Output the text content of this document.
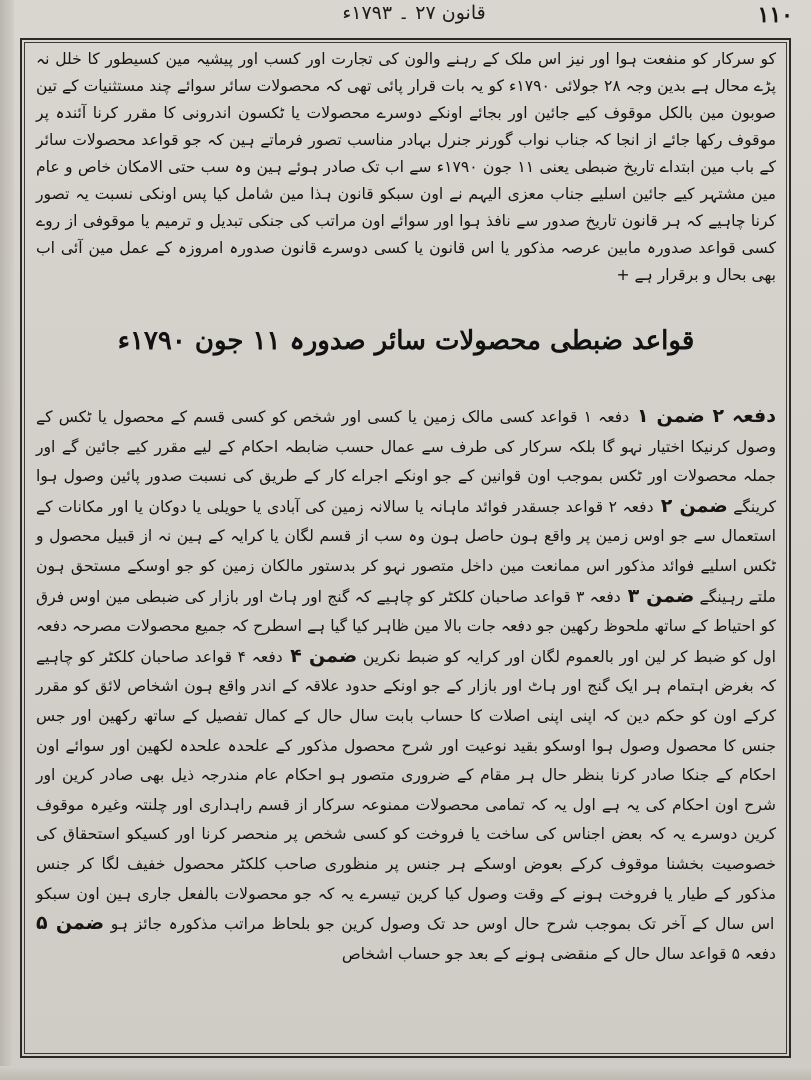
قانون ۲۷ ۔ ۱۷۹۳ء	۱۱۰
کو سرکار کو منفعت ہوا اور نیز اس ملک کے رہنے والون کی تجارت اور کسب اور پیشیہ مین کسیطور کا خلل نہ پڑے محال ہے بدین وجہ ۲۸ جولائی ۱۷۹۰ء کو یہ بات قرار پائی تھی کہ محصولات سائر سوائے چند مستثنیات کے تین صوبون مین بالکل موقوف کیے جائین اور بجائے اونکے دوسرے محصولات یا ٹکسون اندرونی کا مقرر کرنا آئندہ پر موقوف رکھا جائے از انجا کہ جناب نواب گورنر جنرل بہادر مناسب تصور فرماتے ہین کہ جو قواعد محصولات سائر کے باب مین ابتداے تاریخ ضبطی یعنی ۱۱ جون ۱۷۹۰ء سے اب تک صادر ہوئے ہین وہ سب حتی الامکان خاص و عام مین مشتہر کیے جائین اسلیے جناب معزی الیہم نے اون سبکو قانون ہذا مین شامل کیا پس اونکی نسبت یہ تصور کرنا چاہیے کہ ہر قانون تاریخ صدور سے نافذ ہوا اور سوائے اون مراتب کی جنکی تبدیل و ترمیم یا موقوفی از روے کسی قواعد صدورہ مابین عرصہ مذکور یا اس قانون یا کسی دوسرے قانون صدورہ امروزہ کے عمل مین آئی اب بھی بحال و برقرار ہے +
قواعد ضبطی محصولات سائر صدورہ ۱۱ جون ۱۷۹۰ء
دفعہ ۲ ضمن ۱ دفعہ ۱ قواعد کسی مالک زمین یا کسی اور شخص کو کسی قسم کے محصول یا ٹکس کے وصول کرنیکا اختیار نہو گا بلکہ سرکار کی طرف سے عمال حسب ضابطہ احکام کے لیے مقرر کیے جائین گے اور جملہ محصولات اور ٹکس بموجب اون قوانین کے جو اونکے اجراے کار کے طریق کی نسبت صدور پائین وصول ہوا کرینگے ضمن ۲ دفعہ ۲ قواعد جسقدر فوائد ماہانہ یا سالانہ زمین کی آبادی یا حویلی یا دوکان یا اور مکانات کے استعمال سے جو اوس زمین پر واقع ہون حاصل ہون وہ سب از قسم لگان یا کرایہ کے ہین نہ از قبیل محصول و ٹکس اسلیے فوائد مذکور اس ممانعت مین داخل متصور نہو کر بدستور مالکان زمین کو جو اوسکے مستحق ہون ملتے رہینگے ضمن ۳ دفعہ ۳ قواعد صاحبان کلکٹر کو چاہیے کہ گنج اور ہاٹ اور بازار کی ضبطی مین اوس فرق کو احتیاط کے ساتھ ملحوظ رکھین جو دفعہ جات بالا مین ظاہر کیا گیا ہے اسطرح کہ جمیع محصولات مصرحہ دفعہ اول کو ضبط کر لین اور بالعموم لگان اور کرایہ کو ضبط نکرین ضمن ۴ دفعہ ۴ قواعد صاحبان کلکٹر کو چاہیے کہ بغرض اہتمام ہر ایک گنج اور ہاٹ اور بازار کے جو اونکے حدود علاقہ کے اندر واقع ہون اشخاص لائق کو مقرر کرکے اون کو حکم دین کہ اپنی اپنی اصلات کا حساب بابت سال حال کے کمال تفصیل کے ساتھ رکھین اور جس جنس کا محصول وصول ہوا اوسکو بقید نوعیت اور شرح محصول مذکور کے علحدہ علحدہ لکھین اور سوائے اون احکام کے جنکا صادر کرنا بنظر حال ہر مقام کے ضروری متصور ہو احکام عام مندرجہ ذیل بھی صادر کرین اور شرح اون احکام کی یہ ہے اول یہ کہ تمامی محصولات ممنوعہ سرکار از قسم راہداری اور چلنتہ وغیرہ موقوف کرین دوسرے یہ کہ بعض اجناس کی ساخت یا فروخت کو کسی شخص پر منحصر کرنا اور کسیکو استحقاق کی خصوصیت بخشنا موقوف کرکے بعوض اوسکے ہر جنس پر منظوری صاحب کلکٹر محصول خفیف لگا کر جنس مذکور کے طیار یا فروخت ہونے کے وقت وصول کیا کرین تیسرے یہ کہ جو محصولات بالفعل جاری ہین اون سبکو اس سال کے آخر تک بموجب شرح حال اوس حد تک وصول کرین جو بلحاظ مراتب مذکورہ جائز ہو ضمن ۵ دفعہ ۵ قواعد سال حال کے منقضی ہونے کے بعد جو حساب اشخاص
